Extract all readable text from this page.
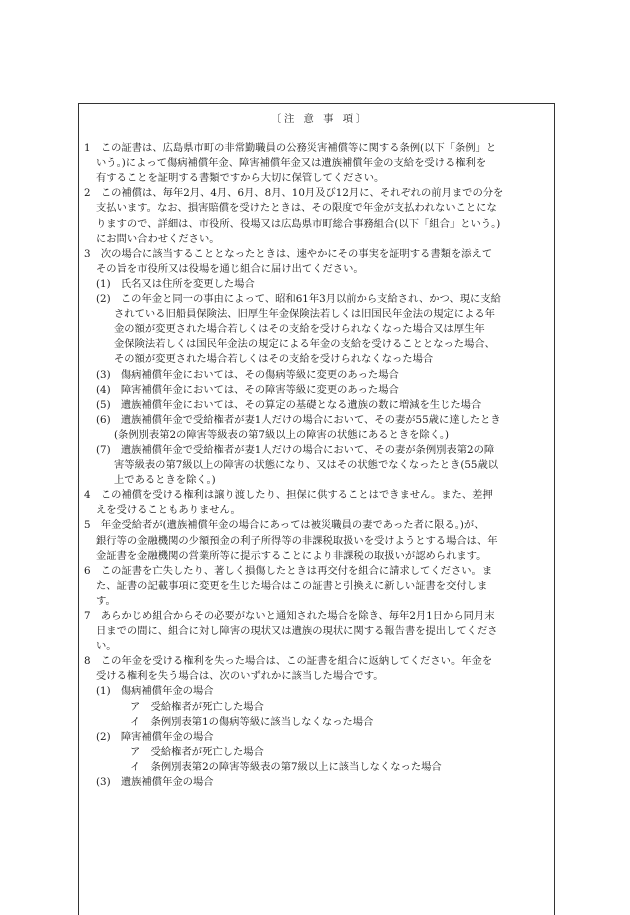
〔注 意 事 項〕
1　この証書は、広島県市町の非常勤職員の公務災害補償等に関する条例(以下「条例」と
いう。)によって傷病補償年金、障害補償年金又は遺族補償年金の支給を受ける権利を
有することを証明する書類ですから大切に保管してください。
2　この補償は、毎年2月、4月、6月、8月、10月及び12月に、それぞれの前月までの分を
支払います。なお、損害賠償を受けたときは、その限度で年金が支払われないことにな
りますので、詳細は、市役所、役場又は広島県市町総合事務組合(以下「組合」という。)
にお問い合わせください。
3　次の場合に該当することとなったときは、速やかにその事実を証明する書類を添えて
その旨を市役所又は役場を通じ組合に届け出てください。
(1)　氏名又は住所を変更した場合
(2)　この年金と同一の事由によって、昭和61年3月以前から支給され、かつ、現に支給
されている旧船員保険法、旧厚生年金保険法若しくは旧国民年金法の規定による年
金の額が変更された場合若しくはその支給を受けられなくなった場合又は厚生年
金保険法若しくは国民年金法の規定による年金の支給を受けることとなった場合、
その額が変更された場合若しくはその支給を受けられなくなった場合
(3)　傷病補償年金においては、その傷病等級に変更のあった場合
(4)　障害補償年金においては、その障害等級に変更のあった場合
(5)　遺族補償年金においては、その算定の基礎となる遺族の数に増減を生じた場合
(6)　遺族補償年金で受給権者が妻1人だけの場合において、その妻が55歳に達したとき
(条例別表第2の障害等級表の第7級以上の障害の状態にあるときを除く。)
(7)　遺族補償年金で受給権者が妻1人だけの場合において、その妻が条例別表第2の障
害等級表の第7級以上の障害の状態になり、又はその状態でなくなったとき(55歳以
上であるときを除く。)
4　この補償を受ける権利は譲り渡したり、担保に供することはできません。また、差押
えを受けることもありません。
5　年金受給者が(遺族補償年金の場合にあっては被災職員の妻であった者に限る。)が、
銀行等の金融機関の少額預金の利子所得等の非課税取扱いを受けようとする場合は、年
金証書を金融機関の営業所等に提示することにより非課税の取扱いが認められます。
6　この証書を亡失したり、著しく損傷したときは再交付を組合に請求してください。ま
た、証書の記載事項に変更を生じた場合はこの証書と引換えに新しい証書を交付しま
す。
7　あらかじめ組合からその必要がないと通知された場合を除き、毎年2月1日から同月末
日までの間に、組合に対し障害の現状又は遺族の現状に関する報告書を提出してくださ
い。
8　この年金を受ける権利を失った場合は、この証書を組合に返納してください。年金を
受ける権利を失う場合は、次のいずれかに該当した場合です。
(1)　傷病補償年金の場合
ア　受給権者が死亡した場合
イ　条例別表第1の傷病等級に該当しなくなった場合
(2)　障害補償年金の場合
ア　受給権者が死亡した場合
イ　条例別表第2の障害等級表の第7級以上に該当しなくなった場合
(3)　遺族補償年金の場合
